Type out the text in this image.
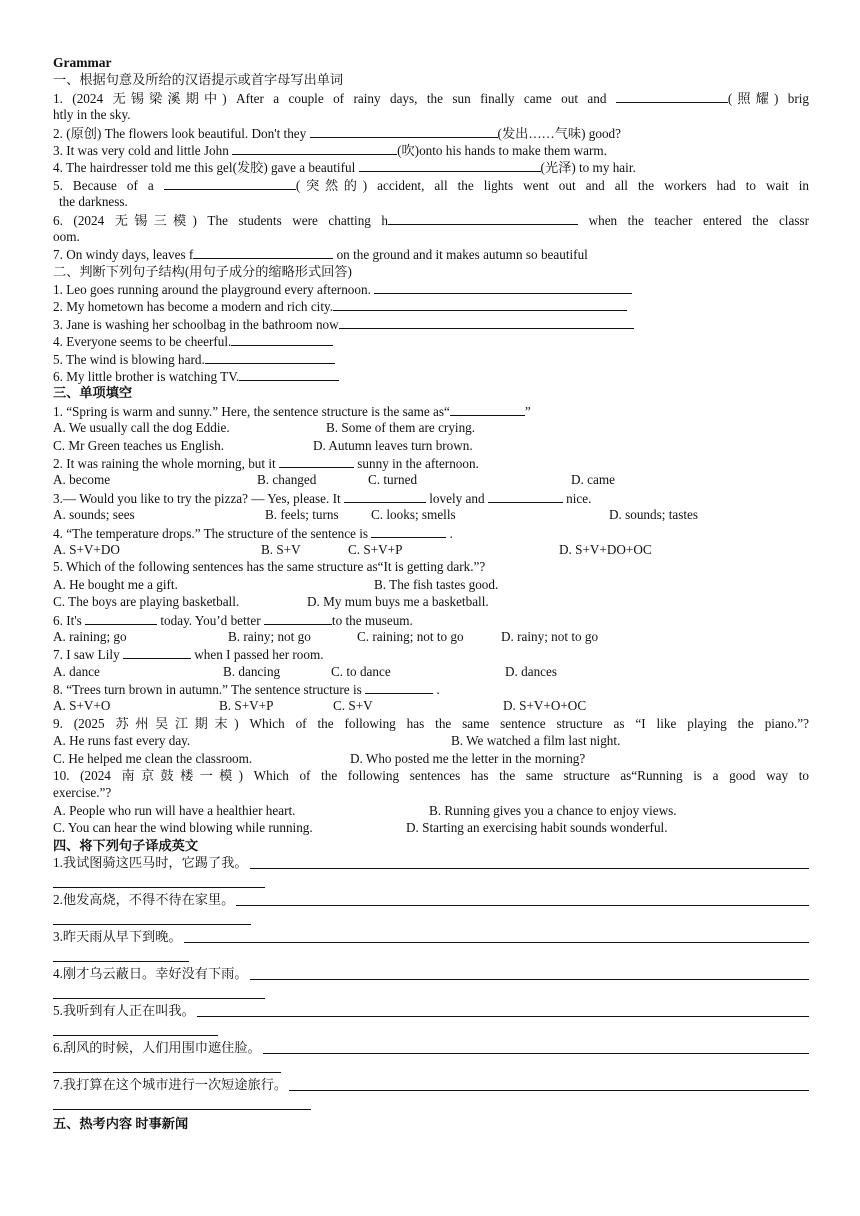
Grammar
一、根据句意及所给的汉语提示或首字母写出单词
1. (2024 无锡梁溪期中) After a couple of rainy days, the sun finally came out and	(照耀) brig
htly in the sky.
2. (原创) The flowers look beautiful. Don't they	(发出……气味) good?
3. It was very cold and little John	(吹)onto his hands to make them warm.
4. The hairdresser told me this gel(发胶) gave a beautiful	(光泽) to my hair.
5. Because of a	(突然的) accident, all the lights went out and all the workers had to wait in
the darkness.
6. (2024 无锡三模) The students were chatting h	when the teacher entered the classr
oom.
7. On windy days, leaves f	on the ground and it makes autumn so beautiful
二、判断下列句子结构(用句子成分的缩略形式回答)
1. Leo goes running around the playground every afternoon.
2. My hometown has become a modern and rich city.
3. Jane is washing her schoolbag in the bathroom now
4. Everyone seems to be cheerful.
5. The wind is blowing hard.
6. My little brother is watching TV.
三、单项填空
1. “Spring is warm and sunny.” Here, the sentence structure is the same as“	”
A. We usually call the dog Eddie.	B. Some of them are crying.
C. Mr Green teaches us English.	D. Autumn leaves turn brown.
2. It was raining the whole morning, but it	sunny in the afternoon.
A. become	B. changed	C. turned	D. came
3.— Would you like to try the pizza? — Yes, please. It	lovely and	nice.
A. sounds; sees	B. feels; turns C. looks; smells	D. sounds; tastes
4. “The temperature drops.” The structure of the sentence is	.
A. S+V+DO	B. S+V	C. S+V+P	D. S+V+DO+OC
5. Which of the following sentences has the same structure as“It is getting dark.”?
A. He bought me a gift.	B. The fish tastes good.
C. The boys are playing basketball.	D. My mum buys me a basketball.
6. It's	today. You’d better	to the museum.
A. raining; go	B. rainy; not go	C. raining; not to go	D. rainy; not to go
7. I saw Lily	when I passed her room.
A. dance	B. dancing	C. to dance	D. dances
8. “Trees turn brown in autumn.” The sentence structure is	.
A. S+V+O	B. S+V+P	C. S+V	D. S+V+O+OC
9. (2025 苏州吴江期末) Which of the following has the same sentence structure as “I like playing the piano.”?
A. He runs fast every day.	B. We watched a film last night.
C. He helped me clean the classroom.	D. Who posted me the letter in the morning?
10. (2024 南京鼓楼一模) Which of the following sentences has the same structure as“Running is a good way to
exercise.”?
A. People who run will have a healthier heart.	B. Running gives you a chance to enjoy views.
C. You can hear the wind blowing while running.	D. Starting an exercising habit sounds wonderful.
四、将下列句子译成英文
1.我试图骑这匹马时，它踢了我。
2.他发高烧，不得不待在家里。
3.昨天雨从早下到晚。
4.刚才乌云蔽日。幸好没有下雨。
5.我听到有人正在叫我。
6.刮风的时候，人们用围巾遮住脸。
7.我打算在这个城市进行一次短途旅行。
五、热考内容 时事新闻
